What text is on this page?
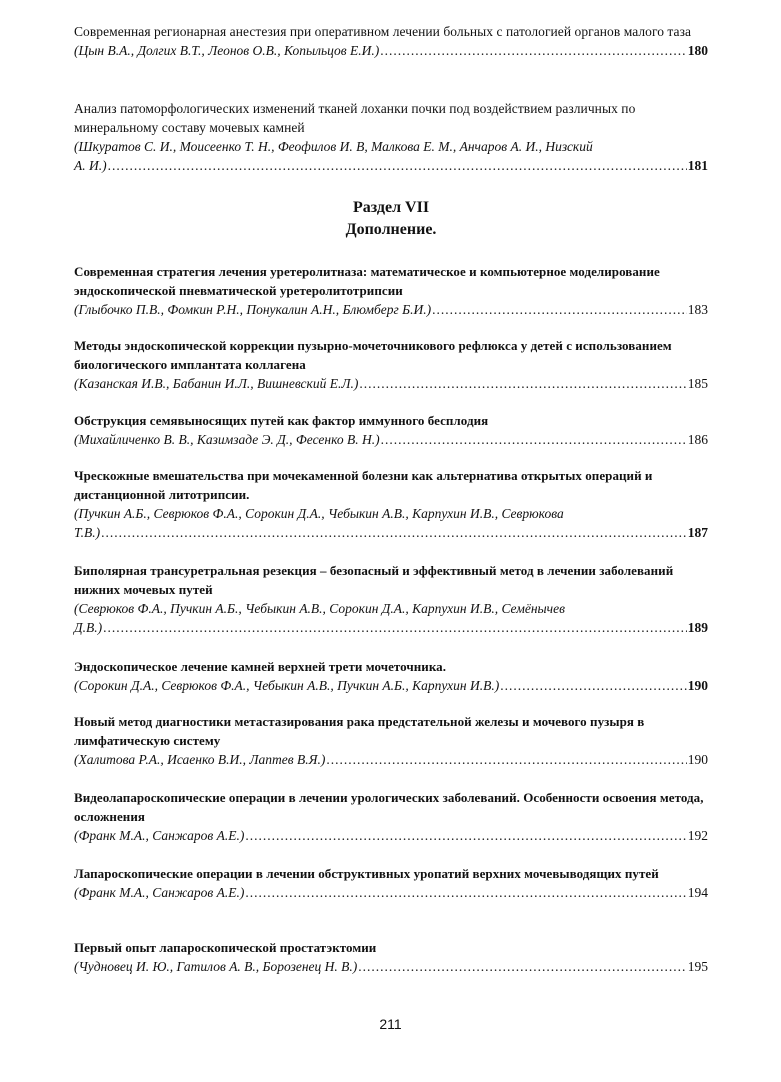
Современная регионарная анестезия при оперативном лечении больных с патологией органов малого таза
(Цын В.А., Долгих В.Т., Леонов О.В., Копыльцов Е.И.) .....	180
Анализ патоморфологических изменений тканей лоханки почки под воздействием различных по минеральному составу мочевых камней
(Шкуратов С. И., Моисеенко Т. Н., Феофилов И. В, Малкова Е. М., Анчаров А. И., Низский
А. И.) .....	181
Раздел VII
Дополнение.
Современная стратегия лечения уретеролитназа: математическое и компьютерное моделирование эндоскопической пневматической уретеролитотрипсии
(Глыбочко П.В., Фомкин Р.Н., Понукалин А.Н., Блюмберг Б.И.) .....	183
Методы эндоскопической коррекции пузырно-мочеточникового рефлюкса у детей с использованием биологического имплантата коллагена
(Казанская И.В., Бабанин И.Л., Вишневский Е.Л.) .....	185
Обструкция семявыносящих путей как фактор иммунного бесплодия
(Михайличенко В. В., Казимзаде Э. Д., Фесенко В. Н.) .....	186
Чрескожные вмешательства при мочекаменной болезни как альтернатива открытых операций и дистанционной литотрипсии.
(Пучкин А.Б., Севрюков Ф.А., Сорокин Д.А., Чебыкин А.В., Карпухин И.В., Севрюкова
Т.В.) .....	187
Биполярная трансуретральная резекция – безопасный и эффективный метод в лечении заболеваний нижних мочевых путей
(Севрюков Ф.А., Пучкин А.Б., Чебыкин А.В., Сорокин Д.А., Карпухин И.В., Семёнычев
Д.В.) .....	189
Эндоскопическое лечение камней верхней трети мочеточника.
(Сорокин Д.А., Севрюков Ф.А., Чебыкин А.В., Пучкин А.Б., Карпухин И.В.) .....	190
Новый метод диагностики метастазирования рака предстательной железы и мочевого пузыря в лимфатическую систему
(Халитова Р.А., Исаенко В.И., Лаптев В.Я.) .....	190
Видеолапароскопические операции в лечении урологических заболеваний. Особенности освоения метода, осложнения
(Франк М.А., Санжаров А.Е.) .....	192
Лапароскопические операции в лечении обструктивных уропатий верхних мочевыводящих путей
(Франк М.А., Санжаров А.Е.) .....	194
Первый опыт лапароскопической простатэктомии
(Чудновец И. Ю., Гатилов А. В., Борозенец Н. В.) .....	195
211
